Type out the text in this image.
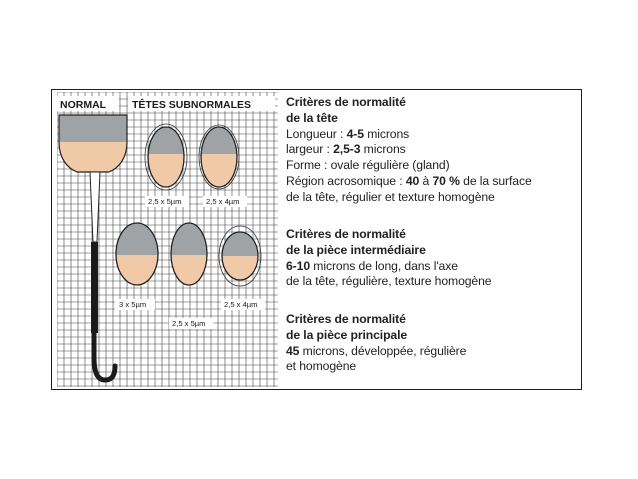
NORMAL TÊTES SUBNORMALES
2,5 x 5µm	2,5 x 4µm
3 x 5µm	2,5 x 4µm
2,5 x 5µm
Critères de normalité
de la tête
Longueur : 4-5 microns
largeur : 2,5-3 microns
Forme : ovale régulière (gland)
Région acrosomique : 40 à 70 % de la surface
de la tête, régulier et texture homogène
Critères de normalité
de la pièce intermédiaire
6-10 microns de long, dans l'axe
de la tête, régulière, texture homogène
Critères de normalité
de la pièce principale
45 microns, développée, régulière
et homogène
